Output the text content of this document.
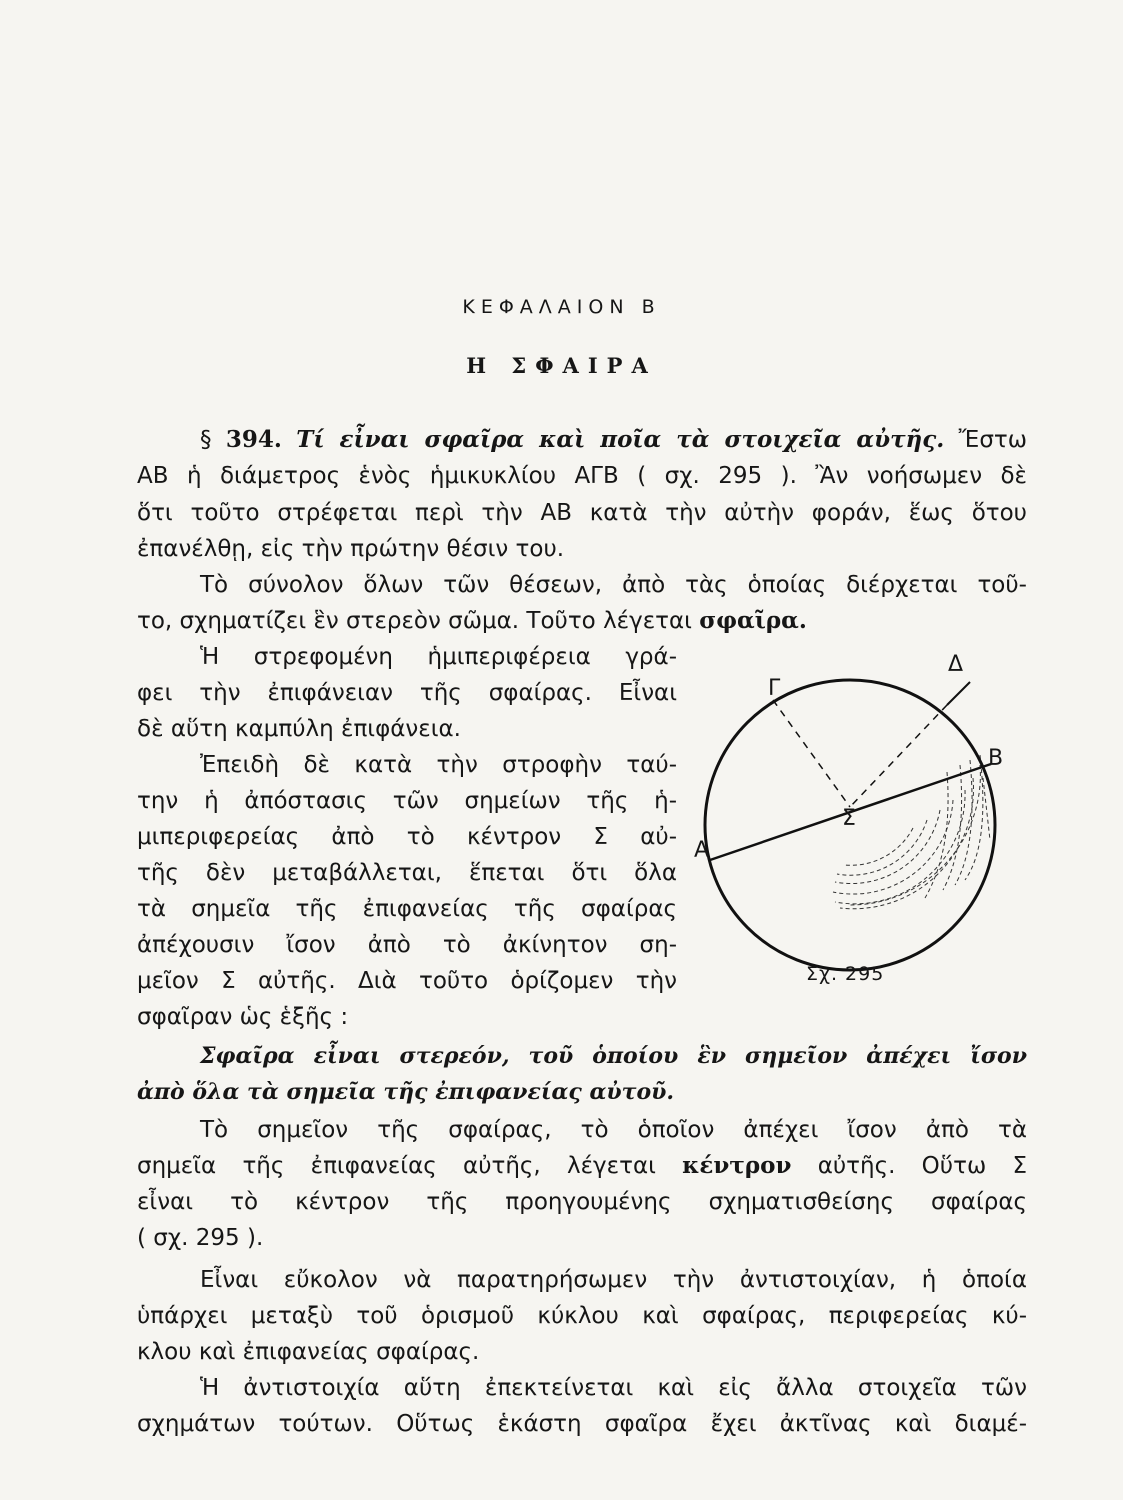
ΚΕΦΑΛΑΙΟΝ Β
Η ΣΦΑΙΡΑ
§ 394. Τί εἶναι σφαῖρα καὶ ποῖα τὰ στοιχεῖα αὐτῆς. Ἔστω
ΑΒ ἡ διάμετρος ἑνὸς ἡμικυκλίου ΑΓΒ ( σχ. 295 ). Ἂν νοήσωμεν δὲ
ὅτι τοῦτο στρέφεται περὶ τὴν ΑΒ κατὰ τὴν αὐτὴν φοράν, ἕως ὅτου
ἐπανέλθῃ, εἰς τὴν πρώτην θέσιν του.
Τὸ σύνολον ὅλων τῶν θέσεων, ἀπὸ τὰς ὁποίας διέρχεται τοῦ-
το, σχηματίζει ἓν στερεὸν σῶμα. Τοῦτο λέγεται σφαῖρα.
Ἡ στρεφομένη ἡμιπεριφέρεια γρά-
φει τὴν ἐπιφάνειαν τῆς σφαίρας. Εἶναι
δὲ αὕτη καμπύλη ἐπιφάνεια.
Ἐπειδὴ δὲ κατὰ τὴν στροφὴν ταύ-
την ἡ ἀπόστασις τῶν σημείων τῆς ἡ-
μιπεριφερείας ἀπὸ τὸ κέντρον Σ αὐ-
τῆς δὲν μεταβάλλεται, ἕπεται ὅτι ὅλα
τὰ σημεῖα τῆς ἐπιφανείας τῆς σφαίρας
ἀπέχουσιν ἴσον ἀπὸ τὸ ἀκίνητον ση-
μεῖον Σ αὐτῆς. Διὰ τοῦτο ὁρίζομεν τὴν
σφαῖραν ὡς ἑξῆς :
Σφαῖρα εἶναι στερεόν, τοῦ ὁποίου ἓν σημεῖον ἀπέχει ἴσον
ἀπὸ ὅλα τὰ σημεῖα τῆς ἐπιφανείας αὐτοῦ.
Τὸ σημεῖον τῆς σφαίρας, τὸ ὁποῖον ἀπέχει ἴσον ἀπὸ τὰ
σημεῖα τῆς ἐπιφανείας αὐτῆς, λέγεται κέντρον αὐτῆς. Οὕτω Σ
εἶναι τὸ κέντρον τῆς προηγουμένης σχηματισθείσης σφαίρας
( σχ. 295 ).
Εἶναι εὔκολον νὰ παρατηρήσωμεν τὴν ἀντιστοιχίαν, ἡ ὁποία
ὑπάρχει μεταξὺ τοῦ ὁρισμοῦ κύκλου καὶ σφαίρας, περιφερείας κύ-
κλου καὶ ἐπιφανείας σφαίρας.
Ἡ ἀντιστοιχία αὕτη ἐπεκτείνεται καὶ εἰς ἄλλα στοιχεῖα τῶν
σχημάτων τούτων. Οὕτως ἑκάστη σφαῖρα ἔχει ἀκτῖνας καὶ διαμέ-
Γ
Δ
Β
Α
Σ
Σχ. 295
